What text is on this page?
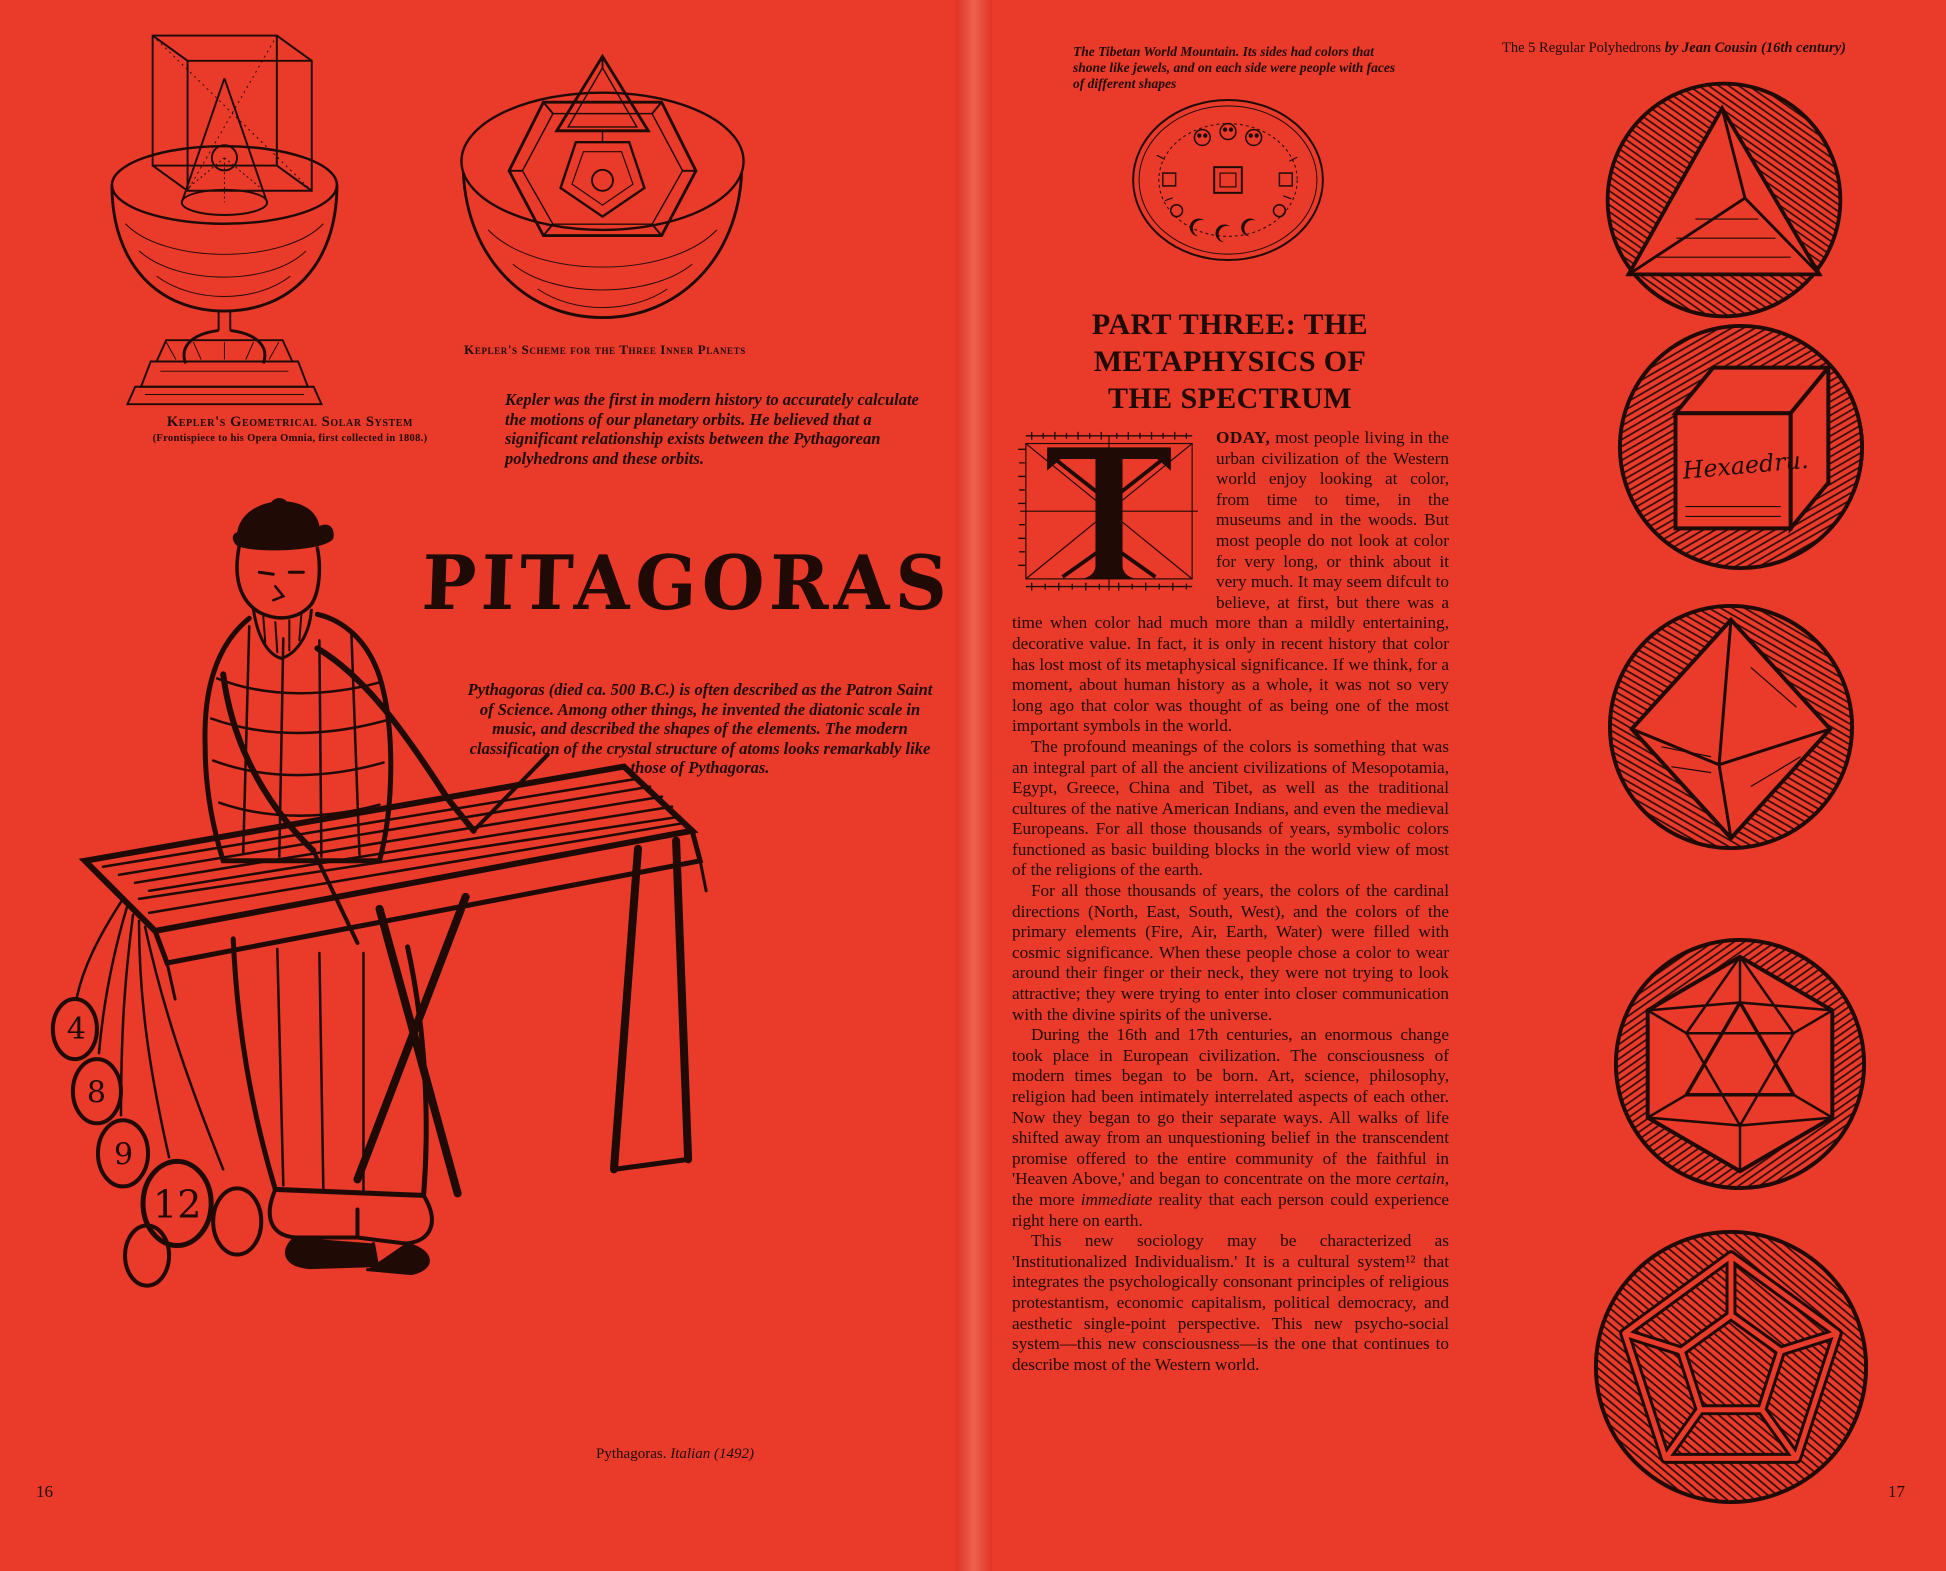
Kepler's Geometrical Solar System
(Frontispiece to his Opera Omnia, first collected in 1808.)
Kepler's Scheme for the Three Inner Planets
Kepler was the first in modern history to accurately calculate the motions of our planetary orbits. He believed that a significant relationship exists between the Pythagorean polyhedrons and these orbits.
PITAGORAS
Pythagoras (died ca. 500 B.C.) is often described as the Patron Saint of Science. Among other things, he invented the diatonic scale in music, and described the shapes of the elements. The modern classification of the crystal structure of atoms looks remarkably like those of Pythagoras.
4
8
9
12
Pythagoras. Italian (1492)
16
The Tibetan World Mountain. Its sides had colors that shone like jewels, and on each side were people with faces of different shapes
The 5 Regular Polyhedrons by Jean Cousin (16th century)
PART THREE: THE
METAPHYSICS OF
THE SPECTRUM

ODAY, most people living in the urban civilization of the Western world enjoy looking at color, from time to time, in the museums and in the woods. But most people do not look at color for very long, or think about it very much. It may seem difcult to believe, at first, but there was a time when color had much more than a mildly entertaining, decorative value. In fact, it is only in recent history that color has lost most of its metaphysical significance. If we think, for a moment, about human history as a whole, it was not so very long ago that color was thought of as being one of the most important symbols in the world.

The profound meanings of the colors is something that was an integral part of all the ancient civilizations of Mesopotamia, Egypt, Greece, China and Tibet, as well as the traditional cultures of the native American Indians, and even the medieval Europeans. For all those thousands of years, symbolic colors functioned as basic building blocks in the world view of most of the religions of the earth.

For all those thousands of years, the colors of the cardinal directions (North, East, South, West), and the colors of the primary elements (Fire, Air, Earth, Water) were filled with cosmic significance. When these people chose a color to wear around their finger or their neck, they were not trying to look attractive; they were trying to enter into closer communication with the divine spirits of the universe.

During the 16th and 17th centuries, an enormous change took place in European civilization. The consciousness of modern times began to be born. Art, science, philosophy, religion had been intimately interrelated aspects of each other. Now they began to go their separate ways. All walks of life shifted away from an unquestioning belief in the transcendent promise offered to the entire community of the faithful in 'Heaven Above,' and began to concentrate on the more certain, the more immediate reality that each person could experience right here on earth.

This new sociology may be characterized as 'Institutionalized Individualism.' It is a cultural system¹² that integrates the psychologically consonant principles of religious protestantism, economic capitalism, political democracy, and aesthetic single-point perspective. This new psycho-social system—this new consciousness—is the one that continues to describe most of the Western world.

Hexaedru.
17
